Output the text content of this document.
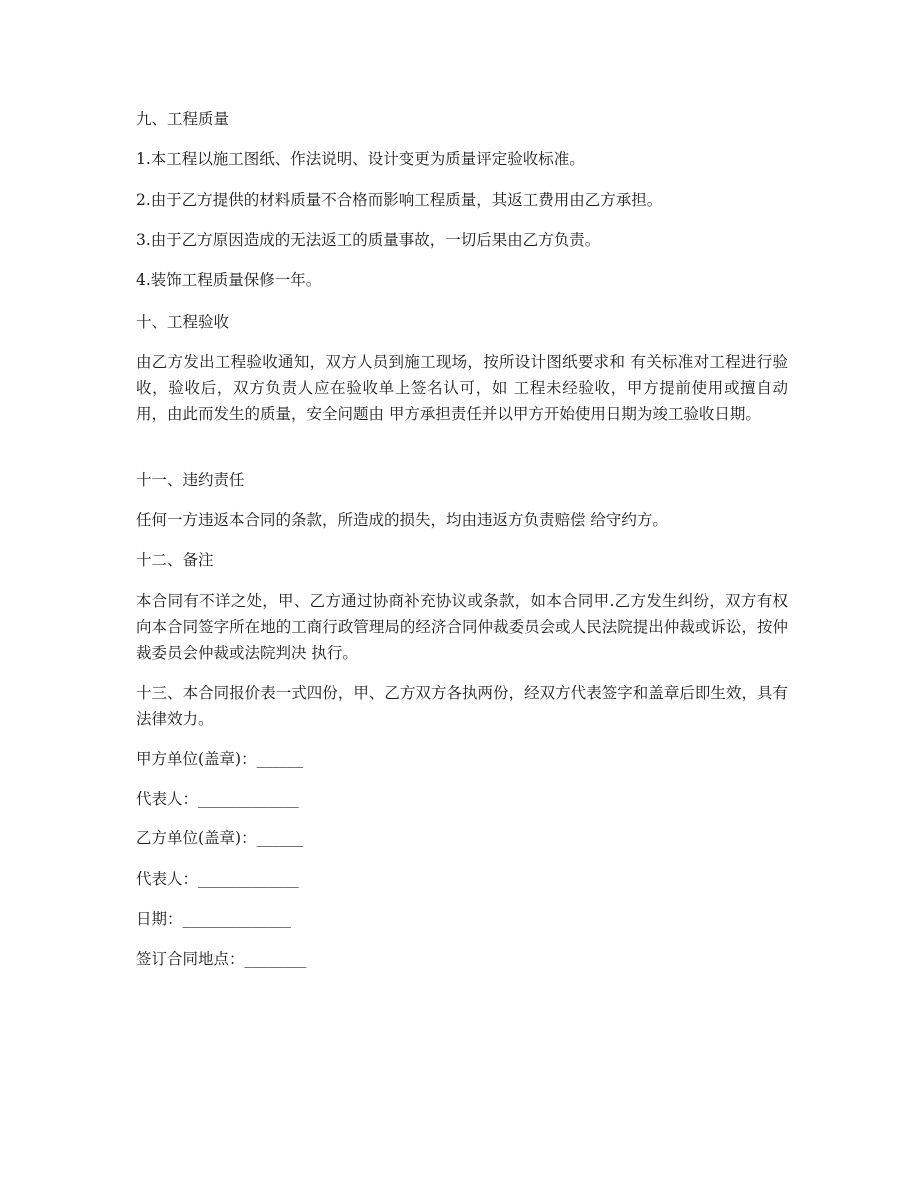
九、工程质量

1.本工程以施工图纸、作法说明、设计变更为质量评定验收标准。

2.由于乙方提供的材料质量不合格而影响工程质量，其返工费用由乙方承担。

3.由于乙方原因造成的无法返工的质量事故，一切后果由乙方负责。

4.装饰工程质量保修一年。

十、工程验收

由乙方发出工程验收通知，双方人员到施工现场，按所设计图纸要求和 有关标准对工程进行验收，验收后，双方负责人应在验收单上签名认可，如 工程未经验收，甲方提前使用或擅自动用，由此而发生的质量，安全问题由 甲方承担责任并以甲方开始使用日期为竣工验收日期。

十一、违约责任

任何一方违返本合同的条款，所造成的损失，均由违返方负责赔偿 给守约方。

十二、备注

本合同有不详之处，甲、乙方通过协商补充协议或条款，如本合同甲.乙方发生纠纷，双方有权向本合同签字所在地的工商行政管理局的经济合同仲裁委员会或人民法院提出仲裁或诉讼，按仲裁委员会仲裁或法院判决 执行。

十三、本合同报价表一式四份，甲、乙方双方各执两份，经双方代表签字和盖章后即生效，具有法律效力。

甲方单位(盖章)：______

代表人：_____________

乙方单位(盖章)：______

代表人：_____________

日期：______________

签订合同地点：________
